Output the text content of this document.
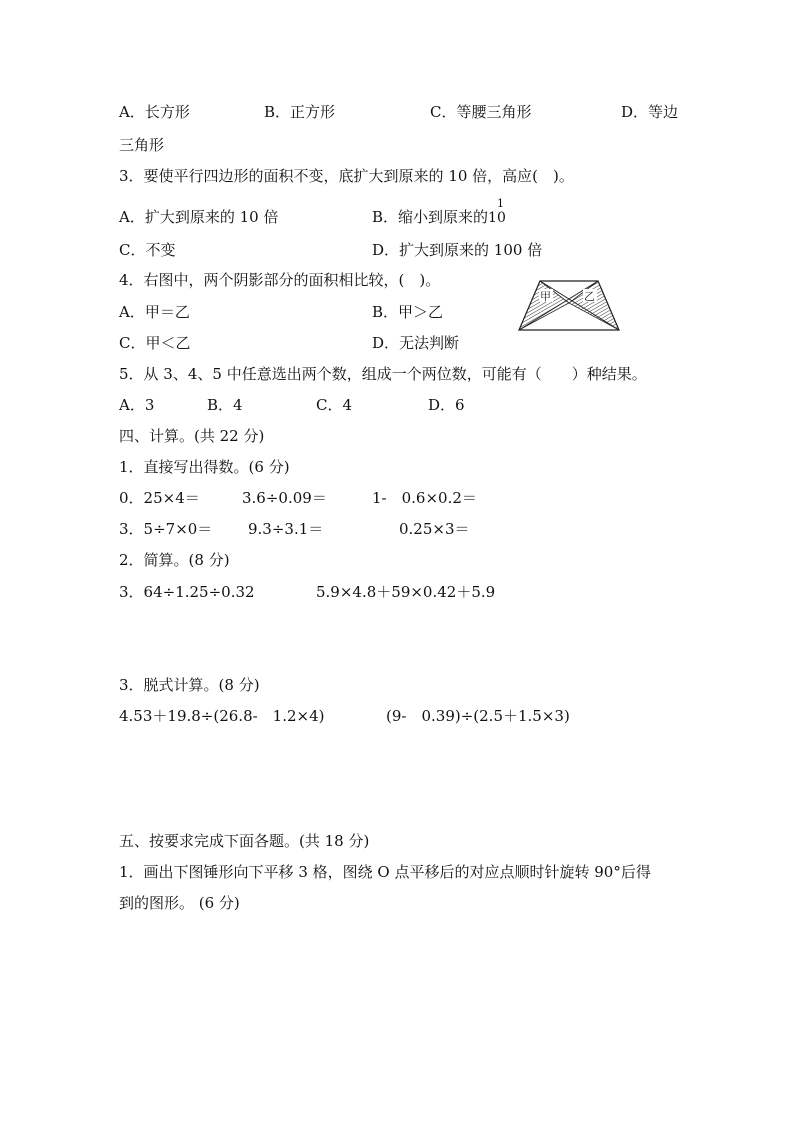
A．长方形	B．正方形	C．等腰三角形	D．等边
三角形
3．要使平行四边形的面积不变，底扩大到原来的 10 倍，高应(　)。
A．扩大到原来的 10 倍	B．缩小到原来的10
1
C．不变	D．扩大到原来的 100 倍
4．右图中，两个阴影部分的面积相比较，(　)。
A．甲＝乙	B．甲＞乙
C．甲＜乙	D．无法判断
甲	乙
5．从 3、4、5 中任意选出两个数，组成一个两位数，可能有（　　）种结果。
A．3	B．4	C．4	D．6
四、计算。(共 22 分)
1．直接写出得数。(6 分)
0．25×4＝	3.6÷0.09＝	1-　0.6×0.2＝
3．5÷7×0＝ 9.3÷3.1＝	0.25×3＝
2．简算。(8 分)
3．64÷1.25÷0.32	5.9×4.8＋59×0.42＋5.9
3．脱式计算。(8 分)
4.53＋19.8÷(26.8-　1.2×4)	(9-　0.39)÷(2.5＋1.5×3)
五、按要求完成下面各题。(共 18 分)
1．画出下图锤形向下平移 3 格，图绕 O 点平移后的对应点顺时针旋转 90°后得
到的图形。 (6 分)
